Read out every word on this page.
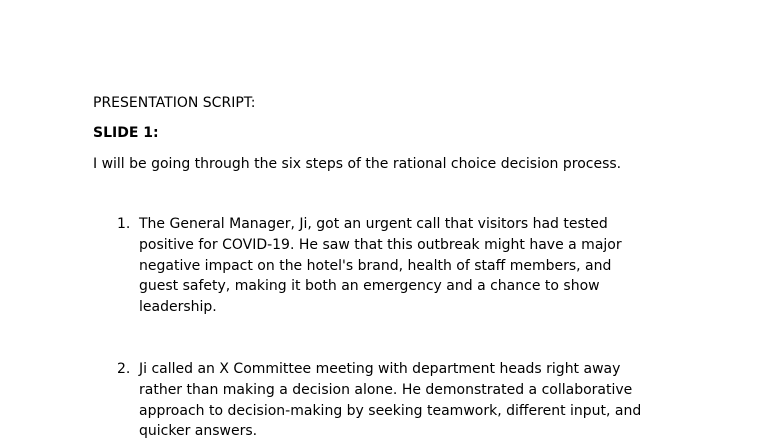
PRESENTATION SCRIPT:
SLIDE 1:
I will be going through the six steps of the rational choice decision process.
1. The General Manager, Ji, got an urgent call that visitors had tested
positive for COVID-19. He saw that this outbreak might have a major
negative impact on the hotel's brand, health of staff members, and
guest safety, making it both an emergency and a chance to show
leadership.
2. Ji called an X Committee meeting with department heads right away
rather than making a decision alone. He demonstrated a collaborative
approach to decision-making by seeking teamwork, different input, and
quicker answers.
